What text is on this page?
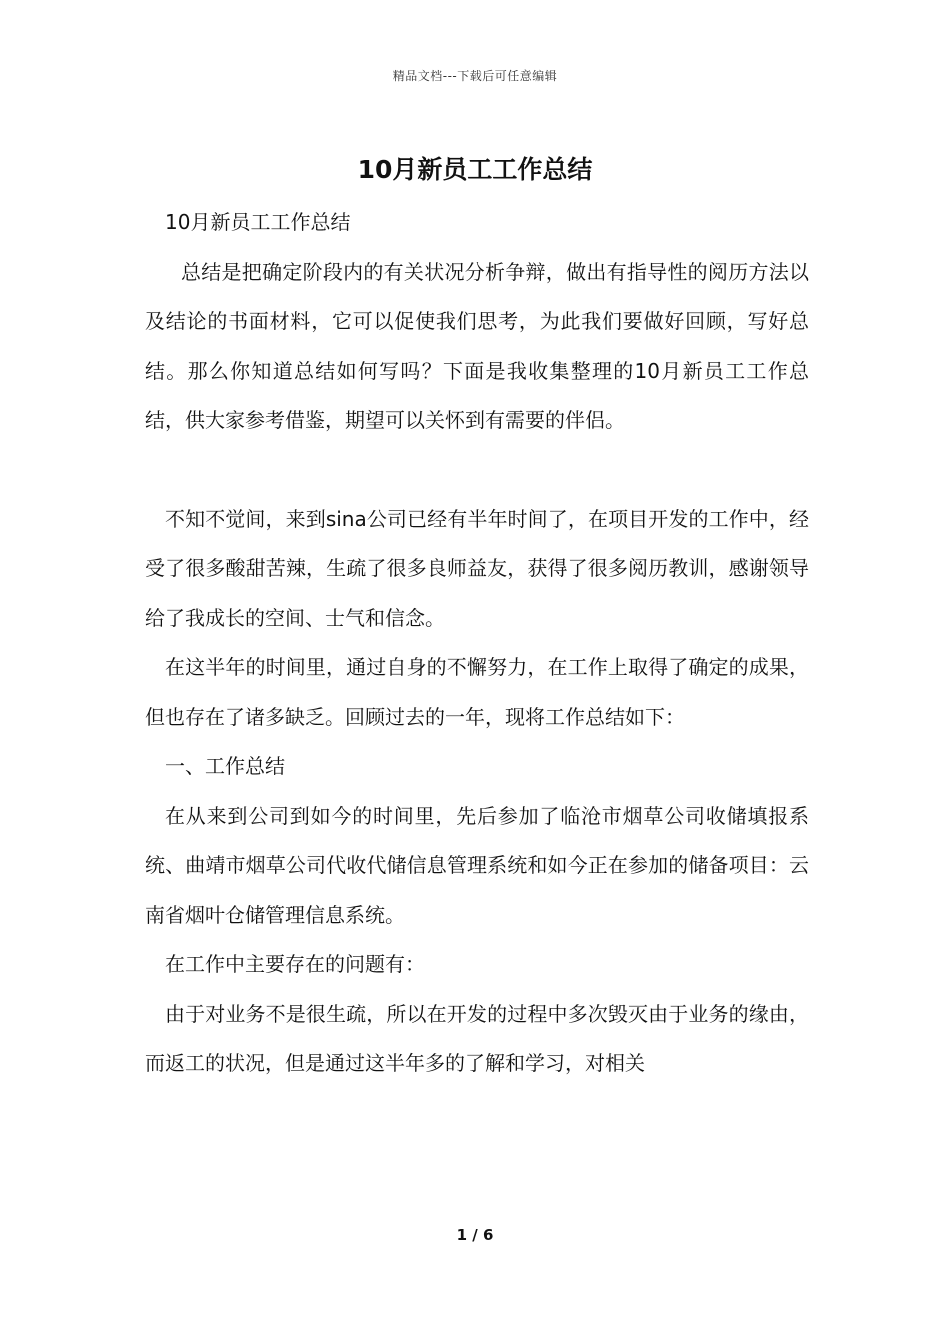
精品文档---下载后可任意编辑
10月新员工工作总结

10月新员工工作总结

总结是把确定阶段内的有关状况分析争辩，做出有指导性的阅历方法以及结论的书面材料，它可以促使我们思考，为此我们要做好回顾，写好总结。那么你知道总结如何写吗？下面是我收集整理的10月新员工工作总结，供大家参考借鉴，期望可以关怀到有需要的伴侣。

不知不觉间，来到sina公司已经有半年时间了，在项目开发的工作中，经受了很多酸甜苦辣，生疏了很多良师益友，获得了很多阅历教训，感谢领导给了我成长的空间、士气和信念。

在这半年的时间里，通过自身的不懈努力，在工作上取得了确定的成果，但也存在了诸多缺乏。回顾过去的一年，现将工作总结如下：

一、工作总结

在从来到公司到如今的时间里，先后参加了临沧市烟草公司收储填报系统、曲靖市烟草公司代收代储信息管理系统和如今正在参加的储备项目：云南省烟叶仓储管理信息系统。

在工作中主要存在的问题有：

由于对业务不是很生疏，所以在开发的过程中多次毁灭由于业务的缘由，而返工的状况，但是通过这半年多的了解和学习，对相关

1 / 6
